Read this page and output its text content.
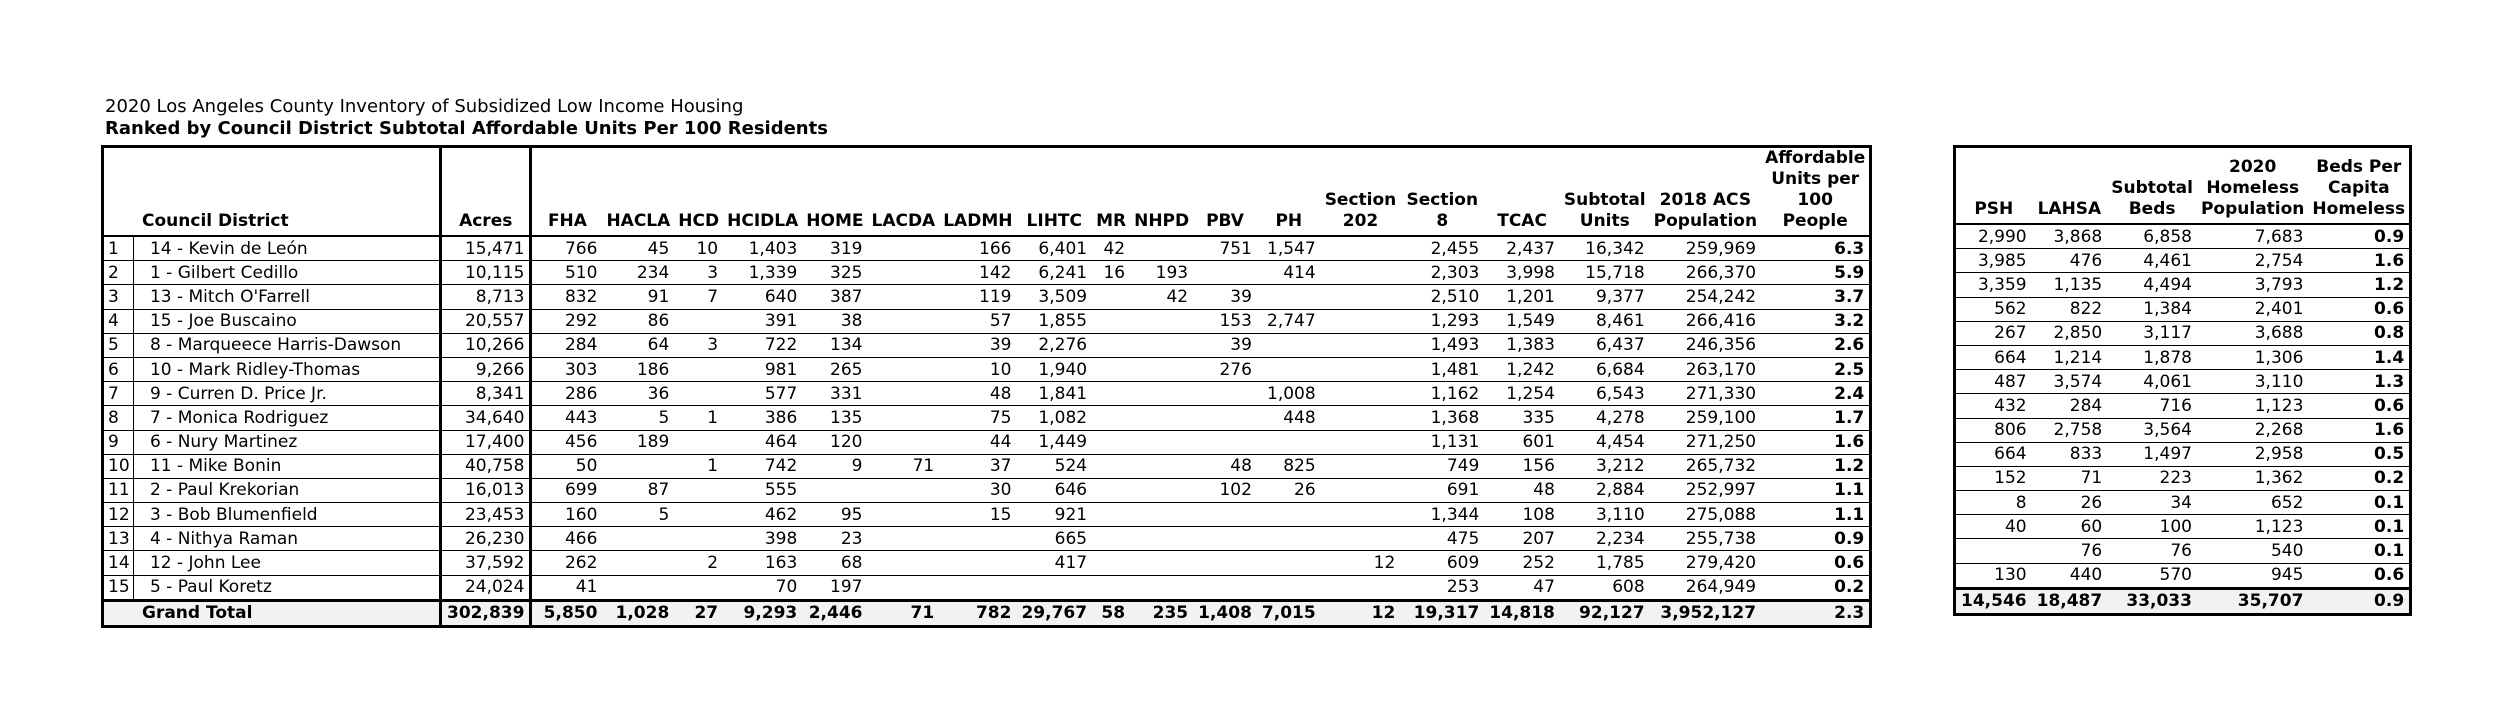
2020 Los Angeles County Inventory of Subsidized Low Income Housing
Ranked by Council District Subtotal Affordable Units Per 100 Residents
Council District		Acres	FHA	HACLA	HCD	HCIDLA	HOME	LACDA	LADMH	LIHTC	MR	NHPD	PBV	PH	Section 202	Section 8	TCAC	Subtotal Units	2018 ACS Population	Affordable Units per 100 People
1	14 - Kevin de León	15,471	766	45	10	1,403	319		166	6,401	42		751	1,547		2,455	2,437	16,342	259,969	6.3
2	1 - Gilbert Cedillo	10,115	510	234	3	1,339	325		142	6,241	16	193		414		2,303	3,998	15,718	266,370	5.9
3	13 - Mitch O'Farrell	8,713	832	91	7	640	387		119	3,509		42	39			2,510	1,201	9,377	254,242	3.7
4	15 - Joe Buscaino	20,557	292	86		391	38		57	1,855			153	2,747		1,293	1,549	8,461	266,416	3.2
5	8 - Marqueece Harris-Dawson	10,266	284	64	3	722	134		39	2,276			39			1,493	1,383	6,437	246,356	2.6
6	10 - Mark Ridley-Thomas	9,266	303	186		981	265		10	1,940			276			1,481	1,242	6,684	263,170	2.5
7	9 - Curren D. Price Jr.	8,341	286	36		577	331		48	1,841				1,008		1,162	1,254	6,543	271,330	2.4
8	7 - Monica Rodriguez	34,640	443	5	1	386	135		75	1,082				448		1,368	335	4,278	259,100	1.7
9	6 - Nury Martinez	17,400	456	189		464	120		44	1,449						1,131	601	4,454	271,250	1.6
10	11 - Mike Bonin	40,758	50		1	742	9	71	37	524			48	825		749	156	3,212	265,732	1.2
11	2 - Paul Krekorian	16,013	699	87		555			30	646			102	26		691	48	2,884	252,997	1.1
12	3 - Bob Blumenfield	23,453	160	5		462	95		15	921						1,344	108	3,110	275,088	1.1
13	4 - Nithya Raman	26,230	466			398	23			665						475	207	2,234	255,738	0.9
14	12 - John Lee	37,592	262		2	163	68			417					12	609	252	1,785	279,420	0.6
15	5 - Paul Koretz	24,024	41			70	197									253	47	608	264,949	0.2
Grand Total		302,839	5,850	1,028	27	9,293	2,446	71	782	29,767	58	235	1,408	7,015	12	19,317	14,818	92,127	3,952,127	2.3
PSH	LAHSA	Subtotal Beds	2020 Homeless Population	Beds Per Capita Homeless
2,990	3,868	6,858	7,683	0.9
3,985	476	4,461	2,754	1.6
3,359	1,135	4,494	3,793	1.2
562	822	1,384	2,401	0.6
267	2,850	3,117	3,688	0.8
664	1,214	1,878	1,306	1.4
487	3,574	4,061	3,110	1.3
432	284	716	1,123	0.6
806	2,758	3,564	2,268	1.6
664	833	1,497	2,958	0.5
152	71	223	1,362	0.2
8	26	34	652	0.1
40	60	100	1,123	0.1
	76	76	540	0.1
130	440	570	945	0.6
14,546	18,487	33,033	35,707	0.9
